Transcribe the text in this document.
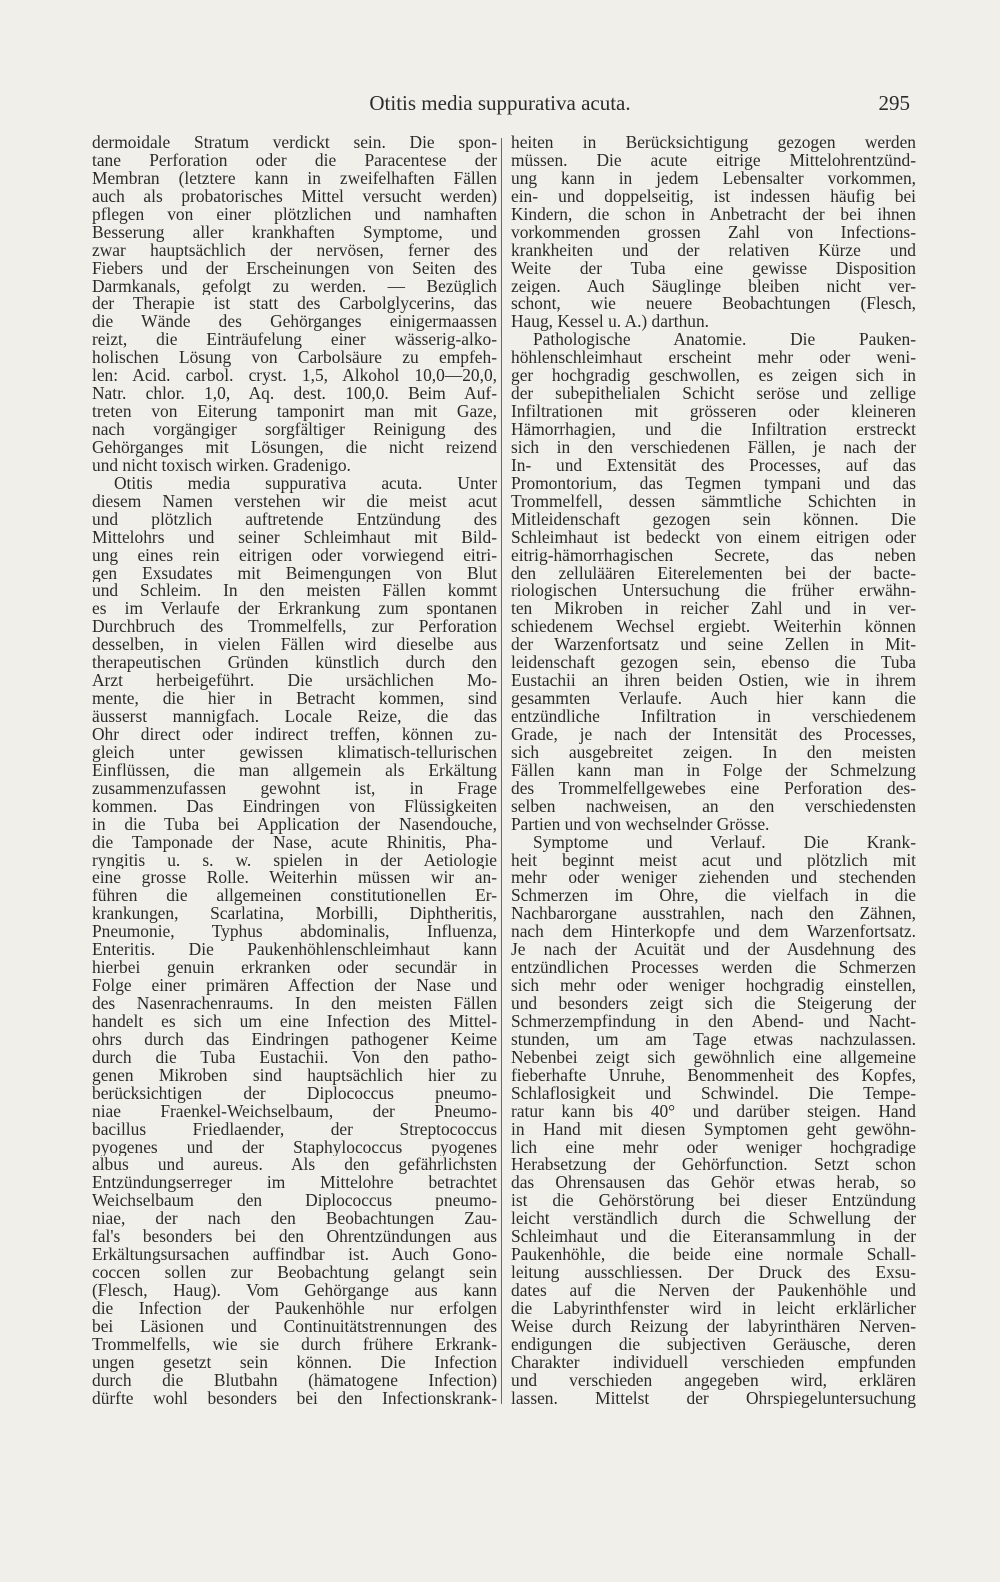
Otitis media suppurativa acuta.	295
dermoidale Stratum verdickt sein. Die spon-
tane Perforation oder die Paracentese der
Membran (letztere kann in zweifelhaften Fällen
auch als probatorisches Mittel versucht werden)
pflegen von einer plötzlichen und namhaften
Besserung aller krankhaften Symptome, und
zwar hauptsächlich der nervösen, ferner des
Fiebers und der Erscheinungen von Seiten des
Darmkanals, gefolgt zu werden. — Bezüglich
der Therapie ist statt des Carbolglycerins, das
die Wände des Gehörganges einigermaassen
reizt, die Einträufelung einer wässerig-alko-
holischen Lösung von Carbolsäure zu empfeh-
len: Acid. carbol. cryst. 1,5, Alkohol 10,0—20,0,
Natr. chlor. 1,0, Aq. dest. 100,0. Beim Auf-
treten von Eiterung tamponirt man mit Gaze,
nach vorgängiger sorgfältiger Reinigung des
Gehörganges mit Lösungen, die nicht reizend
und nicht toxisch wirken. Gradenigo.
Otitis media suppurativa acuta. Unter
diesem Namen verstehen wir die meist acut
und plötzlich auftretende Entzündung des
Mittelohrs und seiner Schleimhaut mit Bild-
ung eines rein eitrigen oder vorwiegend eitri-
gen Exsudates mit Beimengungen von Blut
und Schleim. In den meisten Fällen kommt
es im Verlaufe der Erkrankung zum spontanen
Durchbruch des Trommelfells, zur Perforation
desselben, in vielen Fällen wird dieselbe aus
therapeutischen Gründen künstlich durch den
Arzt herbeigeführt. Die ursächlichen Mo-
mente, die hier in Betracht kommen, sind
äusserst mannigfach. Locale Reize, die das
Ohr direct oder indirect treffen, können zu-
gleich unter gewissen klimatisch-tellurischen
Einflüssen, die man allgemein als Erkältung
zusammenzufassen gewohnt ist, in Frage
kommen. Das Eindringen von Flüssigkeiten
in die Tuba bei Application der Nasendouche,
die Tamponade der Nase, acute Rhinitis, Pha-
ryngitis u. s. w. spielen in der Aetiologie
eine grosse Rolle. Weiterhin müssen wir an-
führen die allgemeinen constitutionellen Er-
krankungen, Scarlatina, Morbilli, Diphtheritis,
Pneumonie, Typhus abdominalis, Influenza,
Enteritis. Die Paukenhöhlenschleimhaut kann
hierbei genuin erkranken oder secundär in
Folge einer primären Affection der Nase und
des Nasenrachenraums. In den meisten Fällen
handelt es sich um eine Infection des Mittel-
ohrs durch das Eindringen pathogener Keime
durch die Tuba Eustachii. Von den patho-
genen Mikroben sind hauptsächlich hier zu
berücksichtigen der Diplococcus pneumo-
niae Fraenkel-Weichselbaum, der Pneumo-
bacillus Friedlaender, der Streptococcus
pyogenes und der Staphylococcus pyogenes
albus und aureus. Als den gefährlichsten
Entzündungserreger im Mittelohre betrachtet
Weichselbaum den Diplococcus pneumo-
niae, der nach den Beobachtungen Zau-
fal's besonders bei den Ohrentzündungen aus
Erkältungsursachen auffindbar ist. Auch Gono-
coccen sollen zur Beobachtung gelangt sein
(Flesch, Haug). Vom Gehörgange aus kann
die Infection der Paukenhöhle nur erfolgen
bei Läsionen und Continuitätstrennungen des
Trommelfells, wie sie durch frühere Erkrank-
ungen gesetzt sein können. Die Infection
durch die Blutbahn (hämatogene Infection)
dürfte wohl besonders bei den Infectionskrank-
heiten in Berücksichtigung gezogen werden
müssen. Die acute eitrige Mittelohrentzünd-
ung kann in jedem Lebensalter vorkommen,
ein- und doppelseitig, ist indessen häufig bei
Kindern, die schon in Anbetracht der bei ihnen
vorkommenden grossen Zahl von Infections-
krankheiten und der relativen Kürze und
Weite der Tuba eine gewisse Disposition
zeigen. Auch Säuglinge bleiben nicht ver-
schont, wie neuere Beobachtungen (Flesch,
Haug, Kessel u. A.) darthun.
Pathologische Anatomie. Die Pauken-
höhlenschleimhaut erscheint mehr oder weni-
ger hochgradig geschwollen, es zeigen sich in
der subepithelialen Schicht seröse und zellige
Infiltrationen mit grösseren oder kleineren
Hämorrhagien, und die Infiltration erstreckt
sich in den verschiedenen Fällen, je nach der
In- und Extensität des Processes, auf das
Promontorium, das Tegmen tympani und das
Trommelfell, dessen sämmtliche Schichten in
Mitleidenschaft gezogen sein können. Die
Schleimhaut ist bedeckt von einem eitrigen oder
eitrig-hämorrhagischen Secrete, das neben
den zelluläären Eiterelementen bei der bacte-
riologischen Untersuchung die früher erwähn-
ten Mikroben in reicher Zahl und in ver-
schiedenem Wechsel ergiebt. Weiterhin können
der Warzenfortsatz und seine Zellen in Mit-
leidenschaft gezogen sein, ebenso die Tuba
Eustachii an ihren beiden Ostien, wie in ihrem
gesammten Verlaufe. Auch hier kann die
entzündliche Infiltration in verschiedenem
Grade, je nach der Intensität des Processes,
sich ausgebreitet zeigen. In den meisten
Fällen kann man in Folge der Schmelzung
des Trommelfellgewebes eine Perforation des-
selben nachweisen, an den verschiedensten
Partien und von wechselnder Grösse.
Symptome und Verlauf. Die Krank-
heit beginnt meist acut und plötzlich mit
mehr oder weniger ziehenden und stechenden
Schmerzen im Ohre, die vielfach in die
Nachbarorgane ausstrahlen, nach den Zähnen,
nach dem Hinterkopfe und dem Warzenfortsatz.
Je nach der Acuität und der Ausdehnung des
entzündlichen Processes werden die Schmerzen
sich mehr oder weniger hochgradig einstellen,
und besonders zeigt sich die Steigerung der
Schmerzempfindung in den Abend- und Nacht-
stunden, um am Tage etwas nachzulassen.
Nebenbei zeigt sich gewöhnlich eine allgemeine
fieberhafte Unruhe, Benommenheit des Kopfes,
Schlaflosigkeit und Schwindel. Die Tempe-
ratur kann bis 40° und darüber steigen. Hand
in Hand mit diesen Symptomen geht gewöhn-
lich eine mehr oder weniger hochgradige
Herabsetzung der Gehörfunction. Setzt schon
das Ohrensausen das Gehör etwas herab, so
ist die Gehörstörung bei dieser Entzündung
leicht verständlich durch die Schwellung der
Schleimhaut und die Eiteransammlung in der
Paukenhöhle, die beide eine normale Schall-
leitung ausschliessen. Der Druck des Exsu-
dates auf die Nerven der Paukenhöhle und
die Labyrinthfenster wird in leicht erklärlicher
Weise durch Reizung der labyrinthären Nerven-
endigungen die subjectiven Geräusche, deren
Charakter individuell verschieden empfunden
und verschieden angegeben wird, erklären
lassen. Mittelst der Ohrspiegeluntersuchung
